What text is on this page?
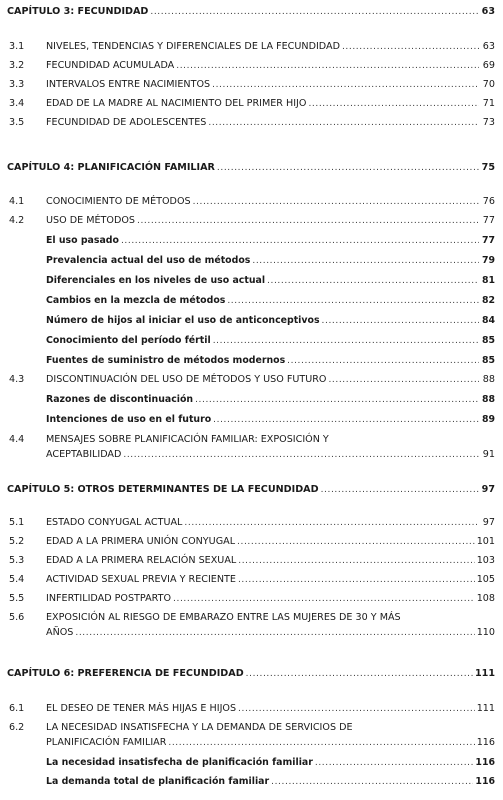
CAPÍTULO 3: FECUNDIDAD .....	63
3.1 NIVELES, TENDENCIAS Y DIFERENCIALES DE LA FECUNDIDAD .....	63
3.2 FECUNDIDAD ACUMULADA .....	69
3.3 INTERVALOS ENTRE NACIMIENTOS .....	70
3.4 EDAD DE LA MADRE AL NACIMIENTO DEL PRIMER HIJO .....	71
3.5 FECUNDIDAD DE ADOLESCENTES .....	73
CAPÍTULO 4: PLANIFICACIÓN FAMILIAR .....	75
4.1 CONOCIMIENTO DE MÉTODOS .....	76
4.2 USO DE MÉTODOS .....	77
El uso pasado .....	77
Prevalencia actual del uso de métodos .....	79
Diferenciales en los niveles de uso actual .....	81
Cambios en la mezcla de métodos .....	82
Número de hijos al iniciar el uso de anticonceptivos .....	84
Conocimiento del período fértil .....	85
Fuentes de suministro de métodos modernos .....	85
4.3 DISCONTINUACIÓN DEL USO DE MÉTODOS Y USO FUTURO .....	88
Razones de discontinuación .....	88
Intenciones de uso en el futuro .....	89
4.4 MENSAJES SOBRE PLANIFICACIÓN FAMILIAR: EXPOSICIÓN Y
ACEPTABILIDAD .....	91
CAPÍTULO 5: OTROS DETERMINANTES DE LA FECUNDIDAD .....	97
5.1 ESTADO CONYUGAL ACTUAL .....	97
5.2 EDAD A LA PRIMERA UNIÓN CONYUGAL .....	101
5.3 EDAD A LA PRIMERA RELACIÓN SEXUAL .....	103
5.4 ACTIVIDAD SEXUAL PREVIA Y RECIENTE .....	105
5.5 INFERTILIDAD POSTPARTO .....	108
5.6 EXPOSICIÓN AL RIESGO DE EMBARAZO ENTRE LAS MUJERES DE 30 Y MÁS
AÑOS .....	110
CAPÍTULO 6: PREFERENCIA DE FECUNDIDAD .....	111
6.1 EL DESEO DE TENER MÁS HIJAS E HIJOS .....	111
6.2 LA NECESIDAD INSATISFECHA Y LA DEMANDA DE SERVICIOS DE
PLANIFICACIÓN FAMILIAR .....	116
La necesidad insatisfecha de planificación familiar .....	116
La demanda total de planificación familiar .....	116
